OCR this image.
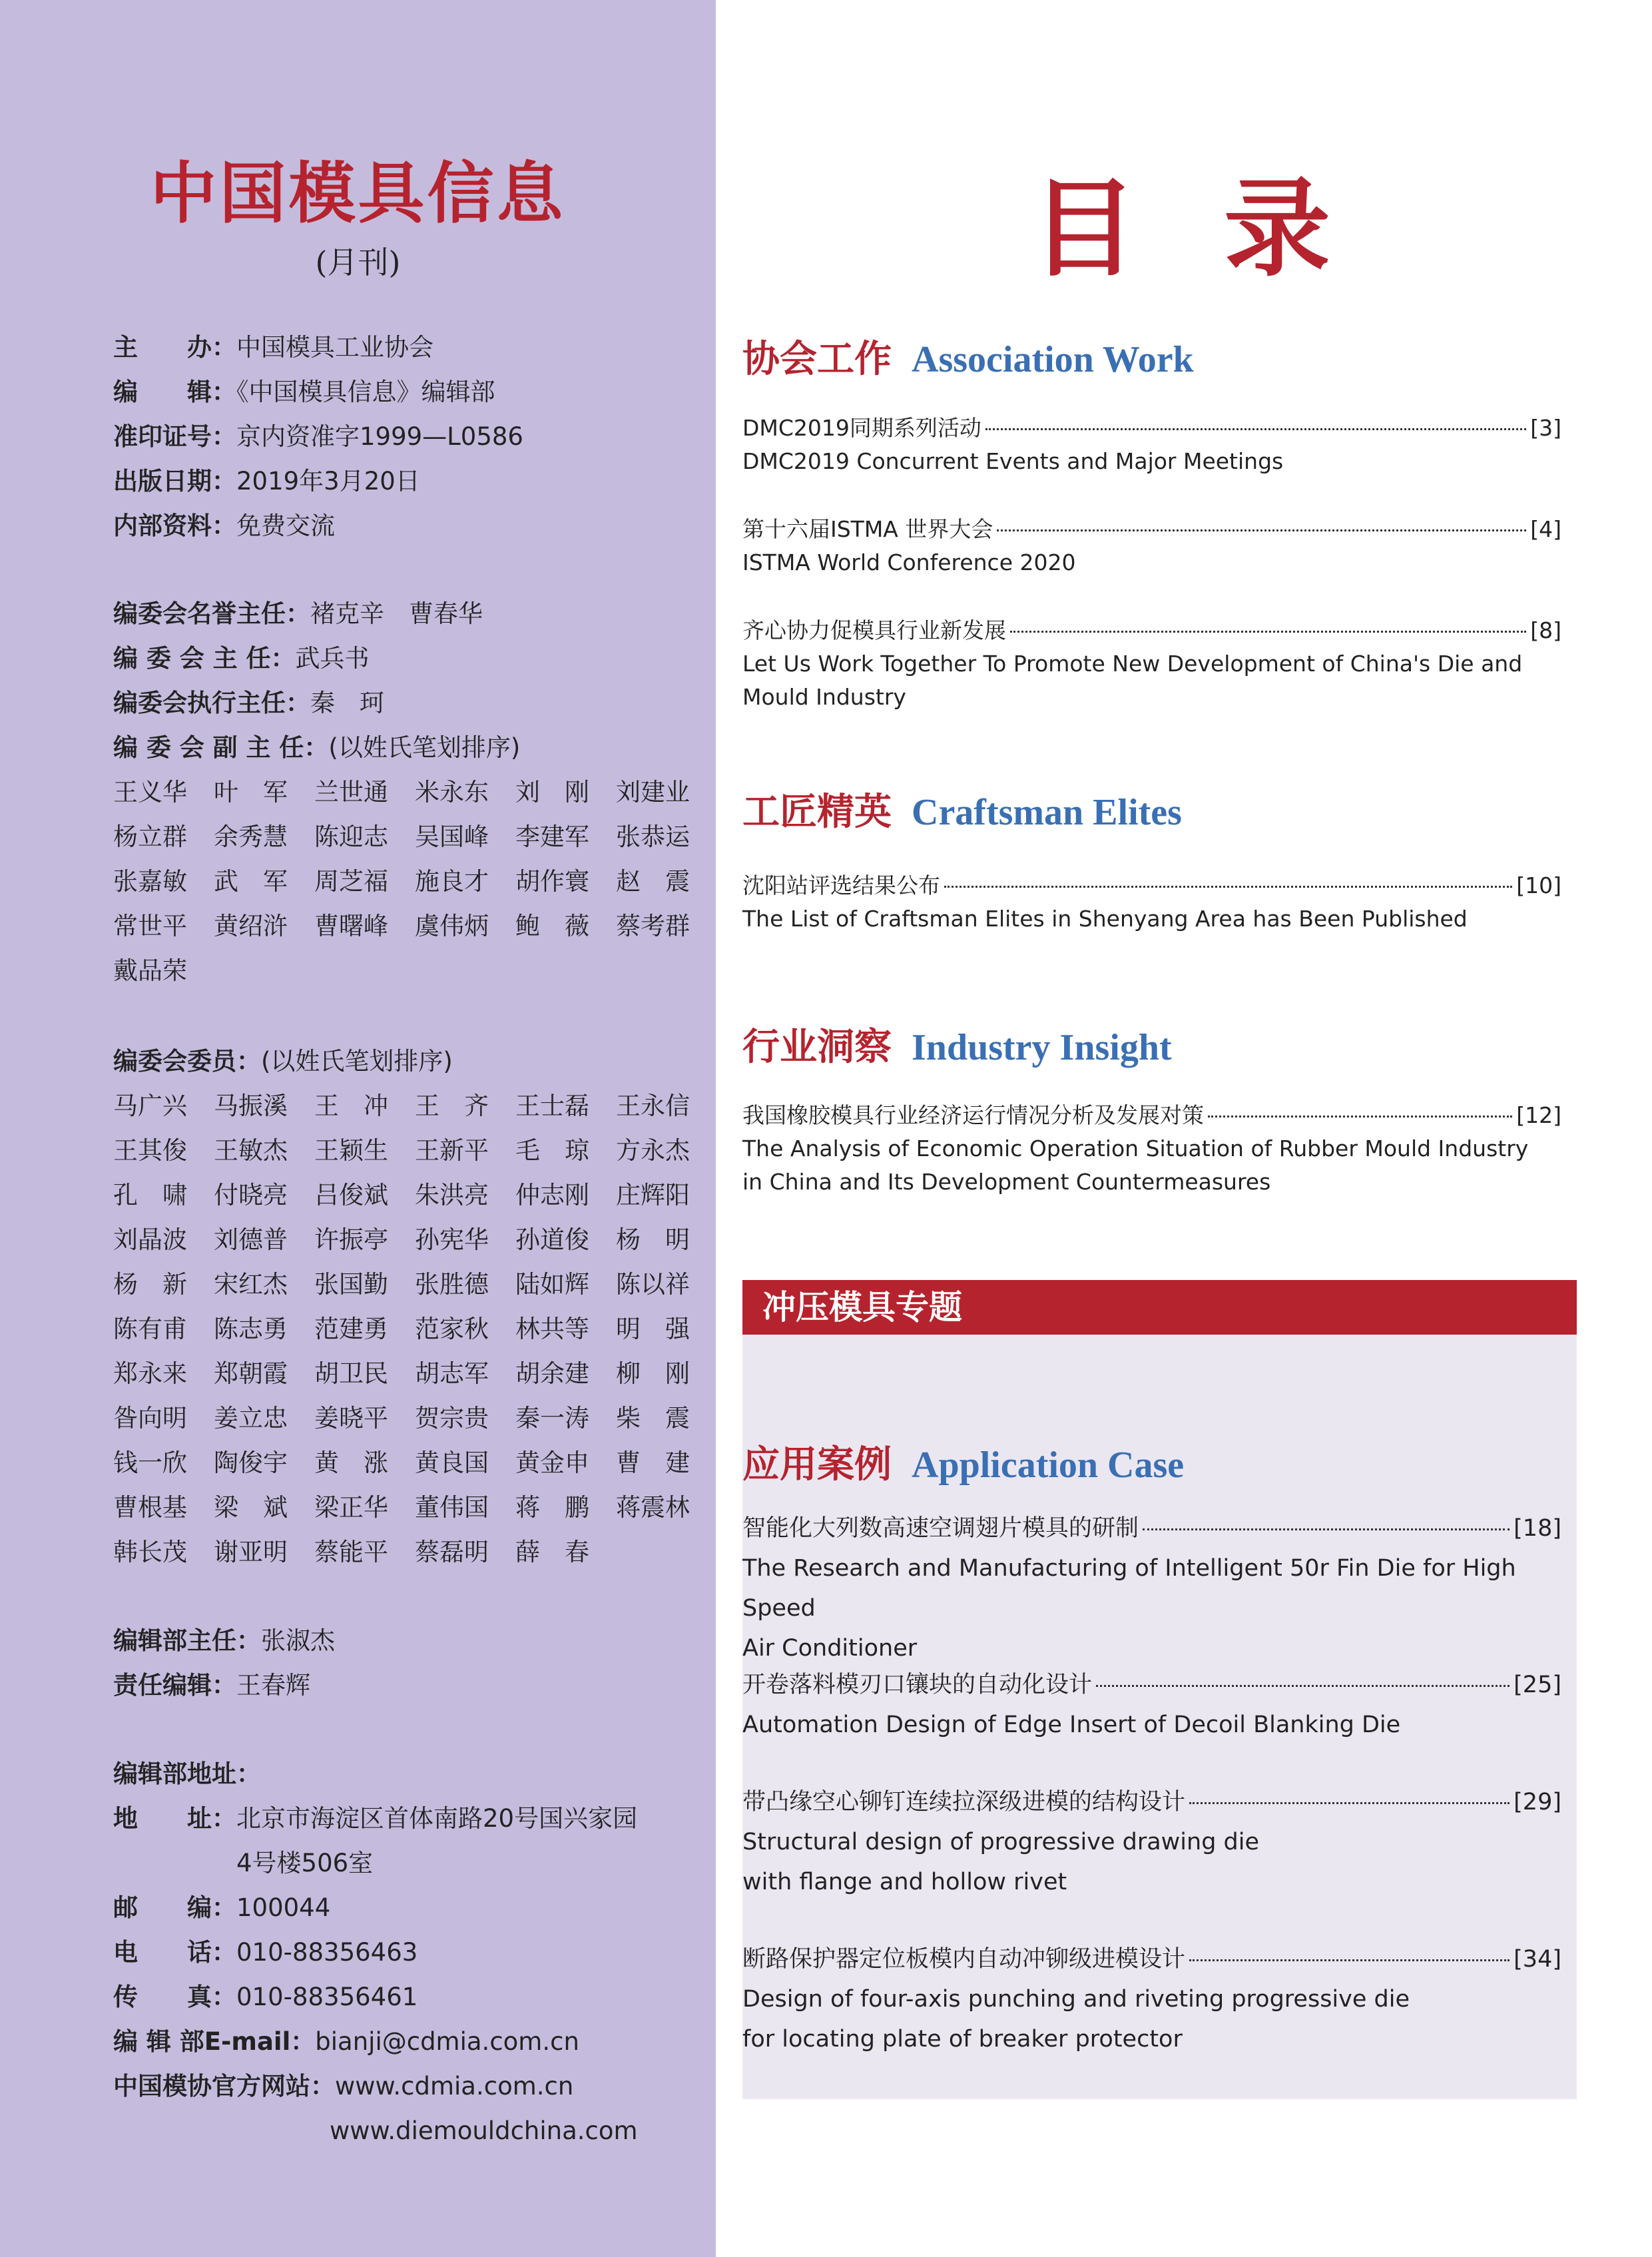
中国模具信息
(月刊)
主　　办：中国模具工业协会
编　　辑：《中国模具信息》编辑部
准印证号：京内资准字1999—L0586
出版日期：2019年3月20日
内部资料：免费交流
编委会名誉主任：褚克辛　曹春华
编 委 会 主 任：武兵书
编委会执行主任：秦　珂
编 委 会 副 主 任：(以姓氏笔划排序)
王义华	叶　军	兰世通	米永东	刘　刚	刘建业
杨立群	余秀慧	陈迎志	吴国峰	李建军	张恭运
张嘉敏	武　军	周芝福	施良才	胡作寰	赵　震
常世平	黄绍浒	曹曙峰	虞伟炳	鲍　薇	蔡考群
戴品荣
编委会委员：(以姓氏笔划排序)
马广兴	马振溪	王　冲	王　齐	王士磊	王永信
王其俊	王敏杰	王颖生	王新平	毛　琼	方永杰
孔　啸	付晓亮	吕俊斌	朱洪亮	仲志刚	庄辉阳
刘晶波	刘德普	许振亭	孙宪华	孙道俊	杨　明
杨　新	宋红杰	张国勤	张胜德	陆如辉	陈以祥
陈有甫	陈志勇	范建勇	范家秋	林共等	明　强
郑永来	郑朝霞	胡卫民	胡志军	胡余建	柳　刚
昝向明	姜立忠	姜晓平	贺宗贵	秦一涛	柴　震
钱一欣	陶俊宇	黄　涨	黄良国	黄金申	曹　建
曹根基	梁　斌	梁正华	董伟国	蒋　鹏	蒋震林
韩长茂	谢亚明	蔡能平	蔡磊明	薛　春
编辑部主任：张淑杰
责任编辑：王春辉
编辑部地址：
地　　址：北京市海淀区首体南路20号国兴家园
4号楼506室
邮　　编：100044
电　　话：010-88356463
传　　真：010-88356461
编 辑 部E-mail：bianji@cdmia.com.cn
中国模协官方网站：www.cdmia.com.cn
www.diemouldchina.com
目录
协会工作 Association Work
DMC2019同期系列活动	[3]
DMC2019 Concurrent Events and Major Meetings
第十六届ISTMA 世界大会	[4]
ISTMA World Conference 2020
齐心协力促模具行业新发展	[8]
Let Us Work Together To Promote New Development of China's Die and
Mould Industry
工匠精英 Craftsman Elites
沈阳站评选结果公布	[10]
The List of Craftsman Elites in Shenyang Area has Been Published
行业洞察 Industry Insight
我国橡胶模具行业经济运行情况分析及发展对策	[12]
The Analysis of Economic Operation Situation of Rubber Mould Industry
in China and Its Development Countermeasures
冲压模具专题
应用案例 Application Case
智能化大列数高速空调翅片模具的研制	[18]
The Research and Manufacturing of Intelligent 50r Fin Die for High Speed
Air Conditioner
开卷落料模刃口镶块的自动化设计	[25]
Automation Design of Edge Insert of Decoil Blanking Die
带凸缘空心铆钉连续拉深级进模的结构设计	[29]
Structural design of progressive drawing die
with flange and hollow rivet
断路保护器定位板模内自动冲铆级进模设计	[34]
Design of four-axis punching and riveting progressive die
for locating plate of breaker protector
